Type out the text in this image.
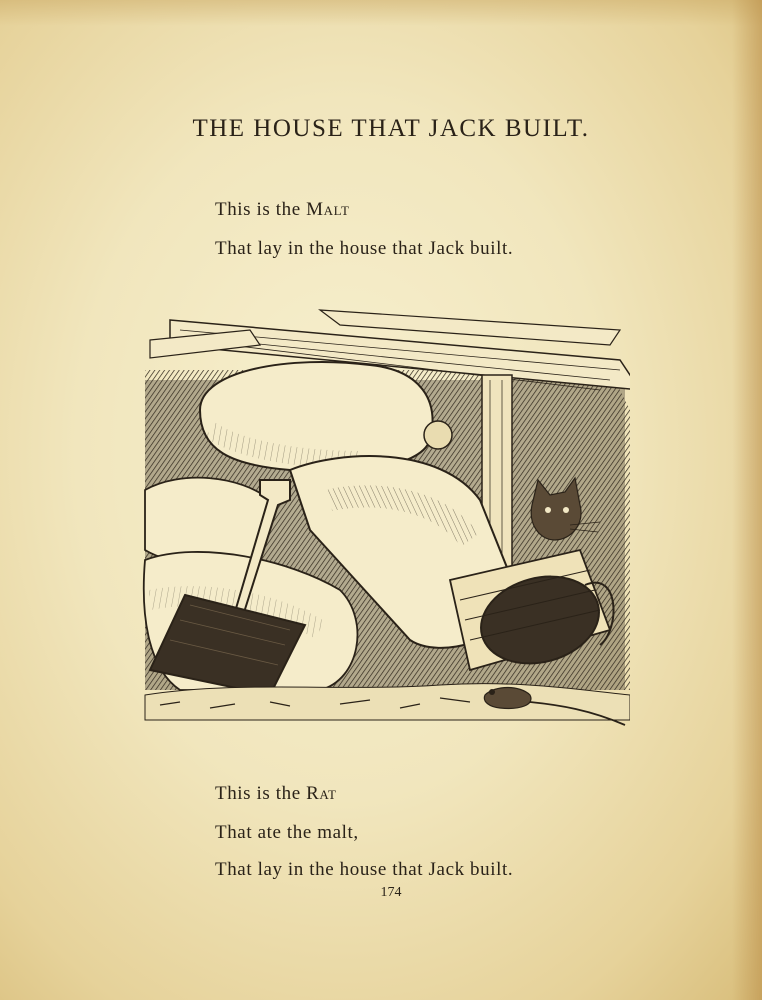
THE HOUSE THAT JACK BUILT.
This is the Malt
That lay in the house that Jack built.
This is the Rat
That ate the malt,
That lay in the house that Jack built.
174
